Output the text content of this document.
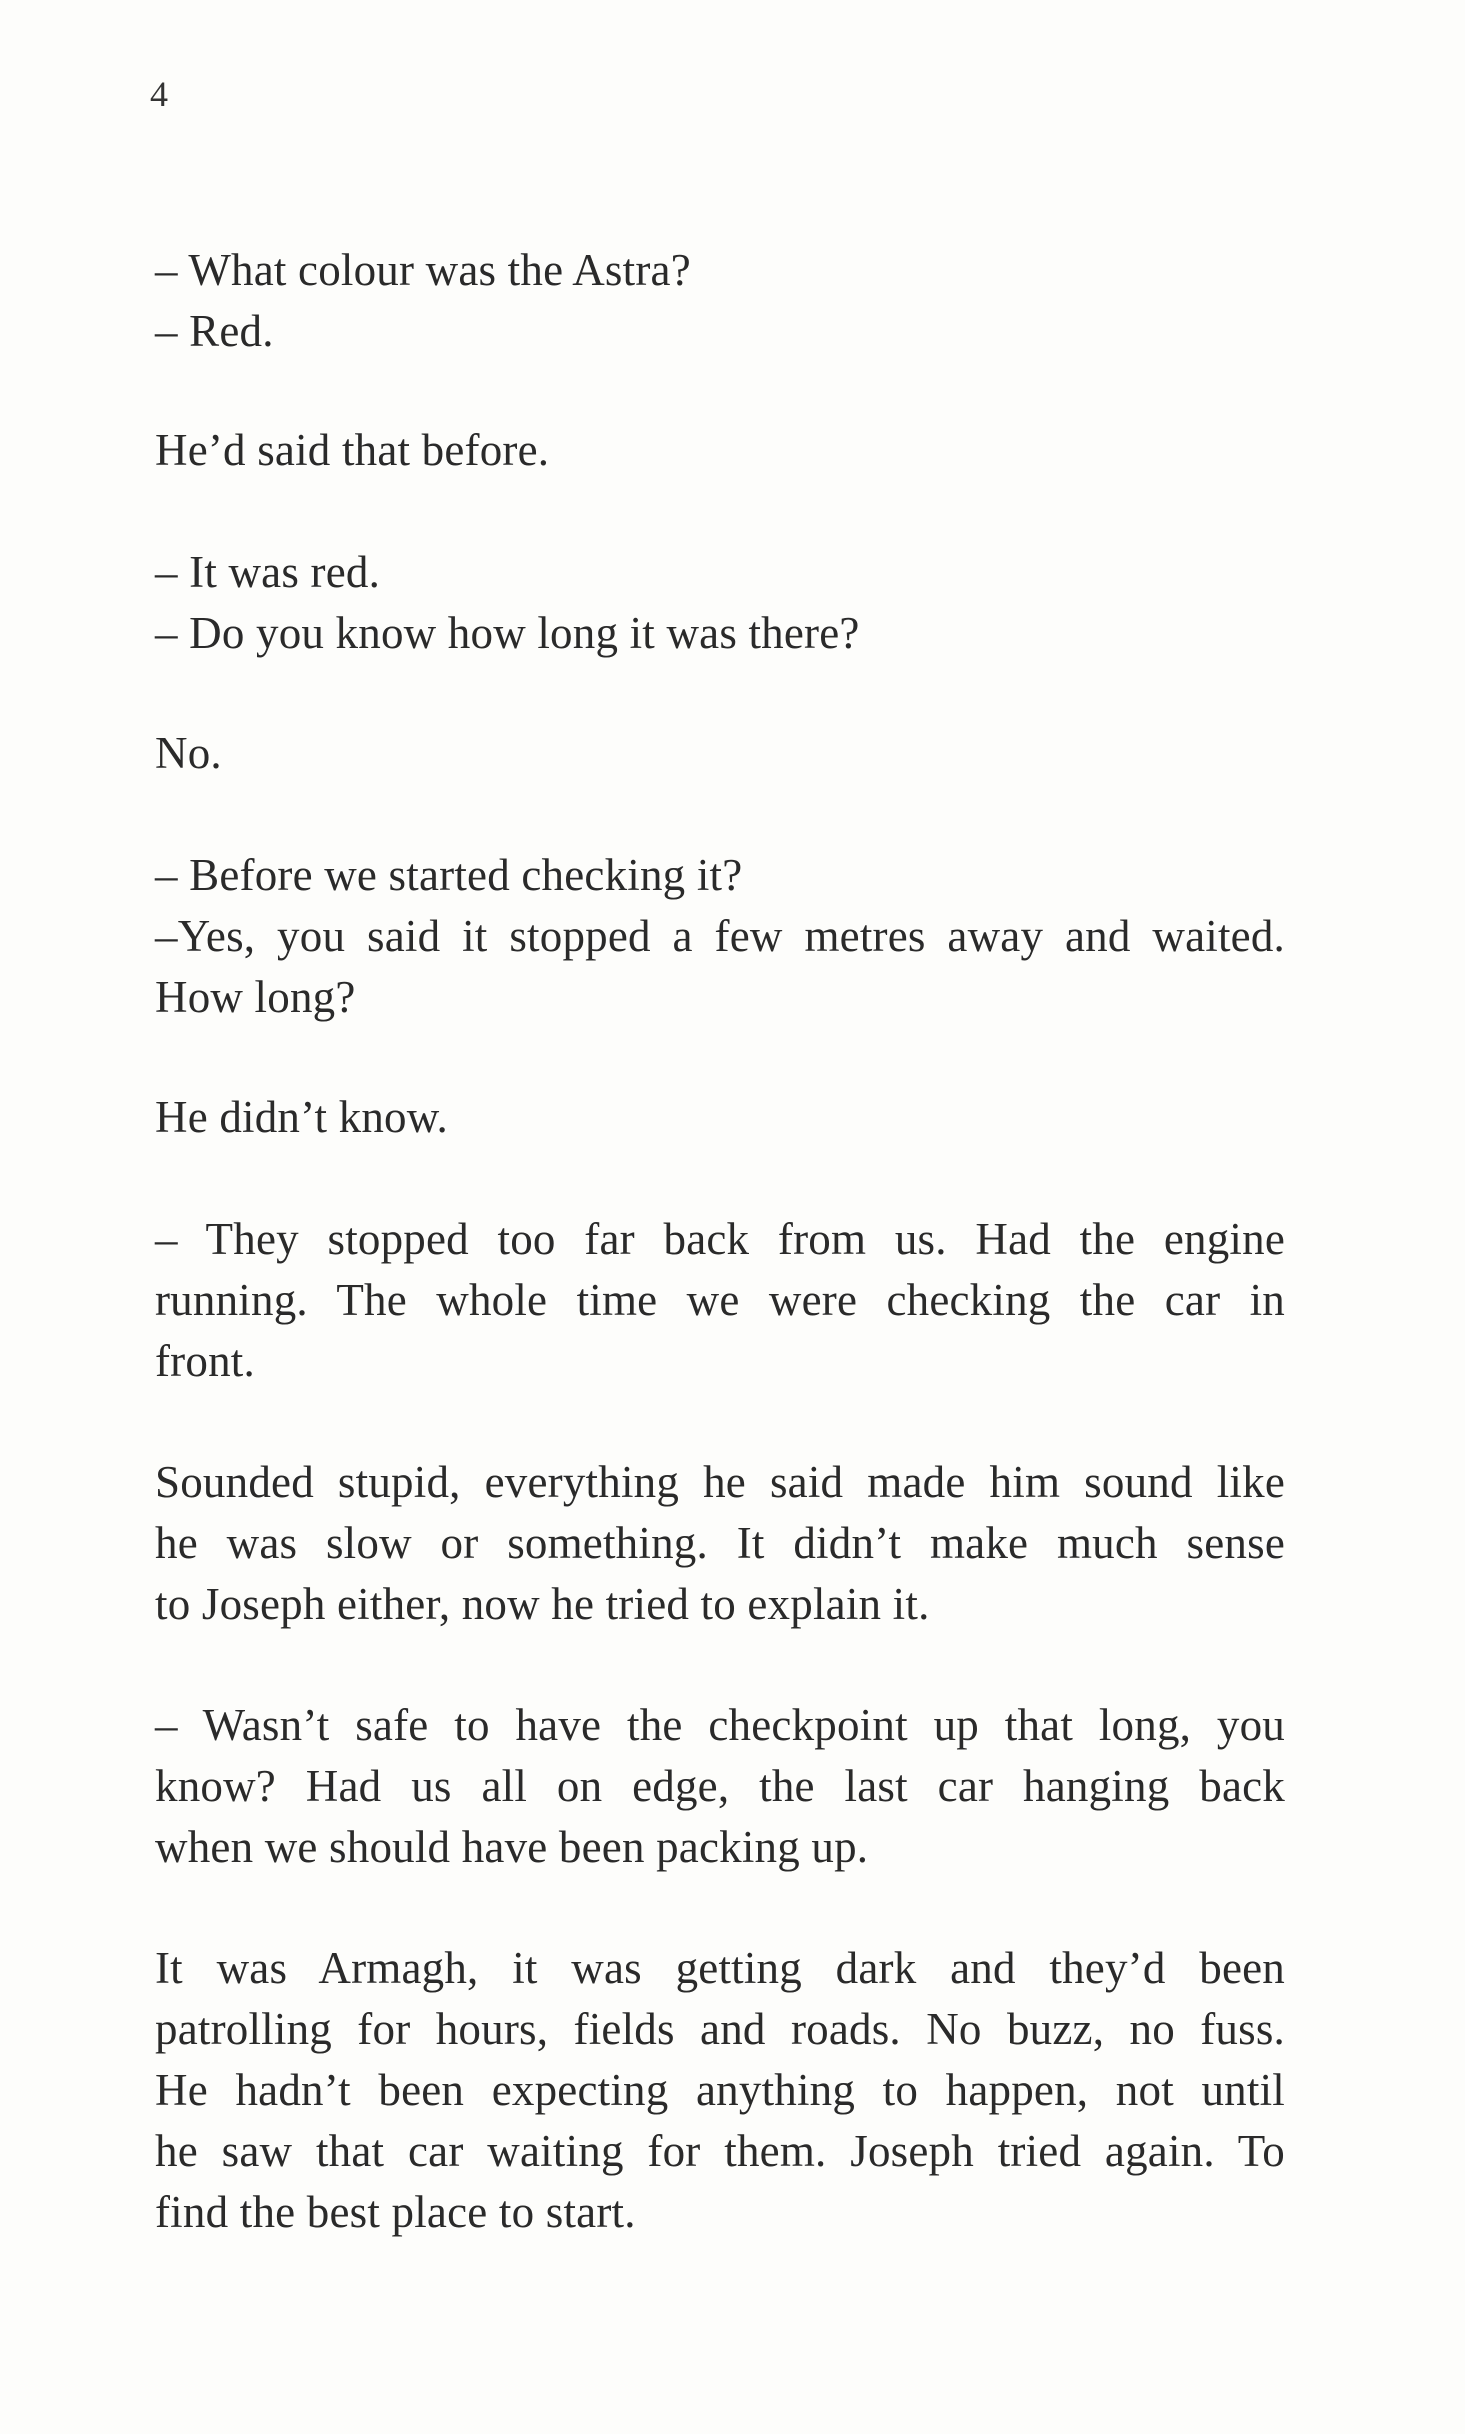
4
– What colour was the Astra?
– Red.
He’d said that before.
– It was red.
– Do you know how long it was there?
No.
– Before we started checking it?
–Yes, you said it stopped a few metres away and waited.
How long?
He didn’t know.
– They stopped too far back from us. Had the engine
running. The whole time we were checking the car in
front.
Sounded stupid, everything he said made him sound like
he was slow or something. It didn’t make much sense
to Joseph either, now he tried to explain it.
– Wasn’t safe to have the checkpoint up that long, you
know? Had us all on edge, the last car hanging back
when we should have been packing up.
It was Armagh, it was getting dark and they’d been
patrolling for hours, fields and roads. No buzz, no fuss.
He hadn’t been expecting anything to happen, not until
he saw that car waiting for them. Joseph tried again. To
find the best place to start.
